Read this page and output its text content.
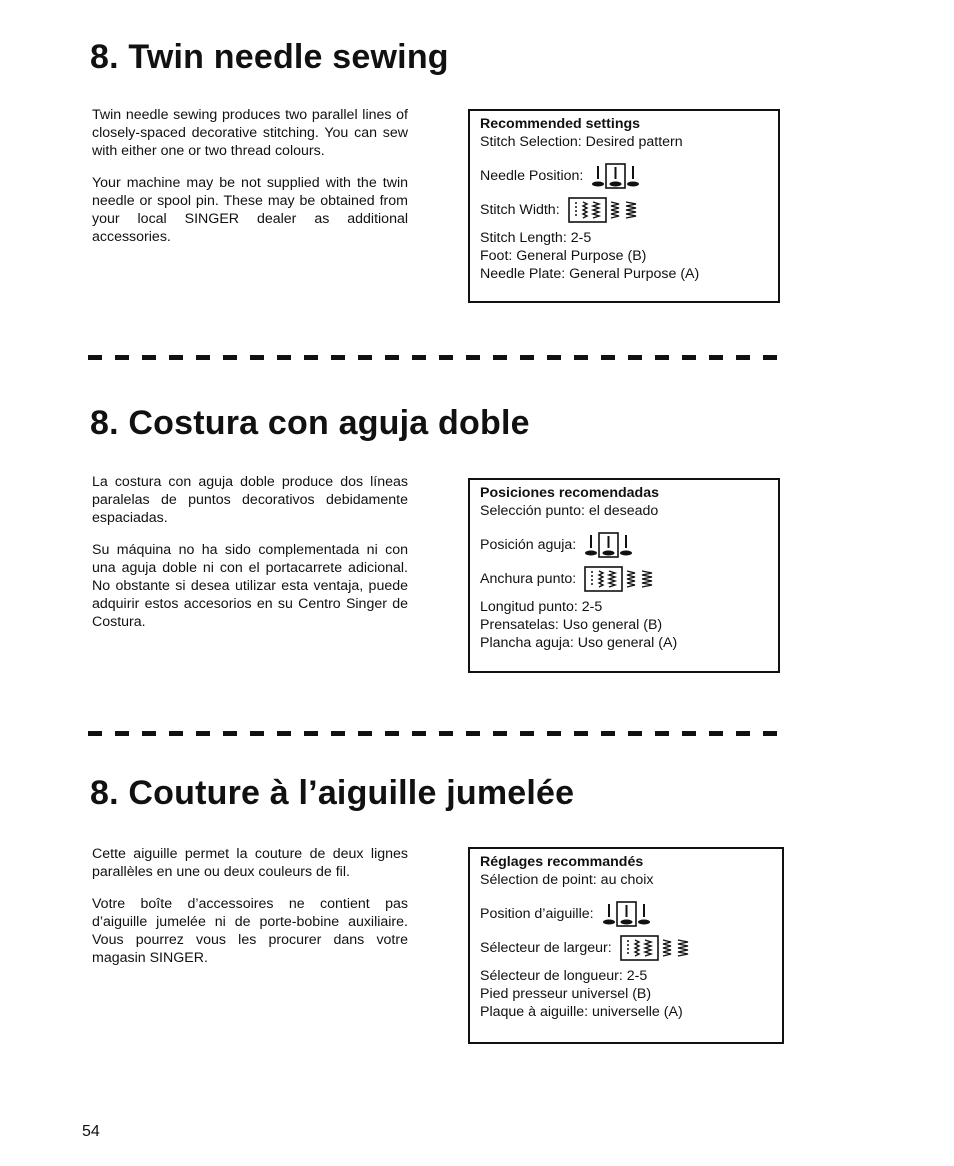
8. Twin needle sewing

Twin needle sewing produces two parallel lines of closely-spaced decorative stitching. You can sew with either one or two thread colours.

Your machine may be not supplied with the twin needle or spool pin. These may be obtained from your local SINGER dealer as additional accessories.

Recommended settings
Stitch Selection: Desired pattern
Needle Position:
Stitch Width:
Stitch Length: 2-5
Foot: General Purpose (B)
Needle Plate: General Purpose (A)
8. Costura con aguja doble

La costura con aguja doble produce dos líneas paralelas de puntos decorativos debidamente espaciadas.

Su máquina no ha sido complementada ni con una aguja doble ni con el portacarrete adicional. No obstante si desea utilizar esta ventaja, puede adquirir estos accesorios en su Centro Singer de Costura.

Posiciones recomendadas
Selección punto: el deseado
Posición aguja:
Anchura punto:
Longitud punto: 2-5
Prensatelas: Uso general (B)
Plancha aguja: Uso general (A)
8. Couture à l’aiguille jumelée

Cette aiguille permet la couture de deux lignes parallèles en une ou deux couleurs de fil.

Votre boîte d’accessoires ne contient pas d’aiguille jumelée ni de porte-bobine auxiliaire. Vous pourrez vous les procurer dans votre magasin SINGER.

Réglages recommandés
Sélection de point: au choix
Position d’aiguille:
Sélecteur de largeur:
Sélecteur de longueur: 2-5
Pied presseur universel (B)
Plaque à aiguille: universelle (A)
54
